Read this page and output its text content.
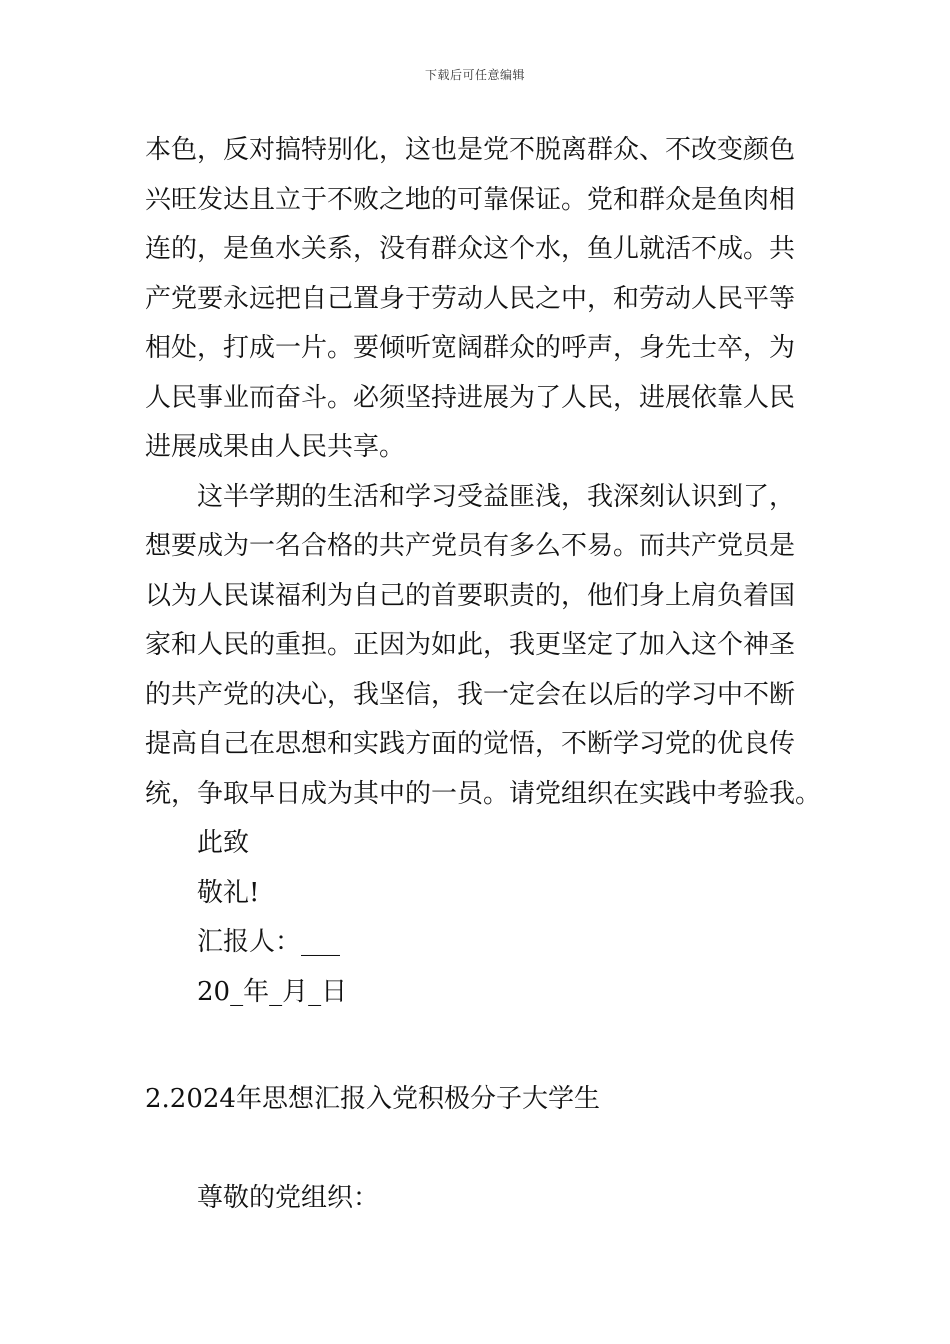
下载后可任意编辑
本色，反对搞特别化，这也是党不脱离群众、不改变颜色
兴旺发达且立于不败之地的可靠保证。党和群众是鱼肉相
连的，是鱼水关系，没有群众这个水，鱼儿就活不成。共
产党要永远把自己置身于劳动人民之中，和劳动人民平等
相处，打成一片。要倾听宽阔群众的呼声，身先士卒，为
人民事业而奋斗。必须坚持进展为了人民，进展依靠人民
进展成果由人民共享。
这半学期的生活和学习受益匪浅，我深刻认识到了，
想要成为一名合格的共产党员有多么不易。而共产党员是
以为人民谋福利为自己的首要职责的，他们身上肩负着国
家和人民的重担。正因为如此，我更坚定了加入这个神圣
的共产党的决心，我坚信，我一定会在以后的学习中不断
提高自己在思想和实践方面的觉悟，不断学习党的优良传
统，争取早日成为其中的一员。请党组织在实践中考验我。
此致
敬礼!
汇报人：___
20_年_月_日
2.2024年思想汇报入党积极分子大学生
尊敬的党组织：
